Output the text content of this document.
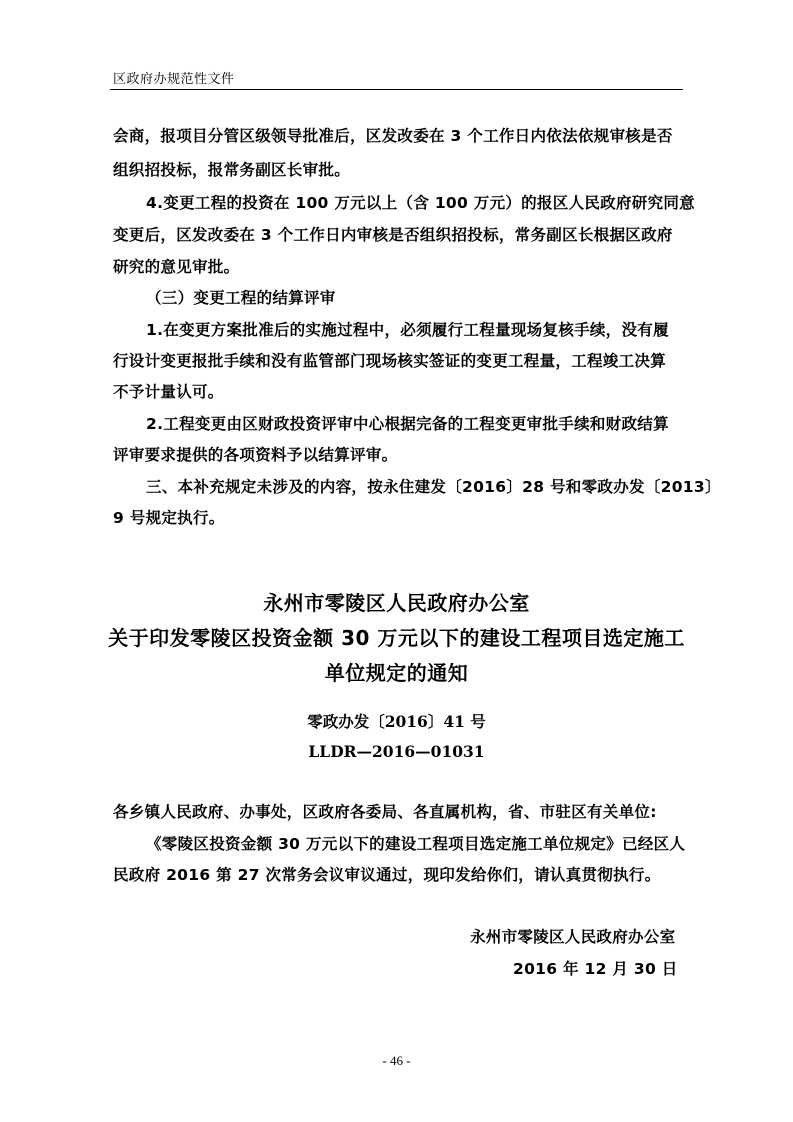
区政府办规范性文件
会商，报项目分管区级领导批准后，区发改委在 3 个工作日内依法依规审核是否
组织招投标，报常务副区长审批。
4.变更工程的投资在 100 万元以上（含 100 万元）的报区人民政府研究同意
变更后，区发改委在 3 个工作日内审核是否组织招投标，常务副区长根据区政府
研究的意见审批。
（三）变更工程的结算评审
1.在变更方案批准后的实施过程中，必须履行工程量现场复核手续，没有履
行设计变更报批手续和没有监管部门现场核实签证的变更工程量，工程竣工决算
不予计量认可。
2.工程变更由区财政投资评审中心根据完备的工程变更审批手续和财政结算
评审要求提供的各项资料予以结算评审。
三、本补充规定未涉及的内容，按永住建发〔2016〕28 号和零政办发〔2013〕
9 号规定执行。
永州市零陵区人民政府办公室
关于印发零陵区投资金额 30 万元以下的建设工程项目选定施工
单位规定的通知
零政办发〔2016〕41 号
LLDR—2016—01031
各乡镇人民政府、办事处，区政府各委局、各直属机构，省、市驻区有关单位:
《零陵区投资金额 30 万元以下的建设工程项目选定施工单位规定》已经区人
民政府 2016 第 27 次常务会议审议通过，现印发给你们，请认真贯彻执行。
永州市零陵区人民政府办公室
2016 年 12 月 30 日
- 46 -
